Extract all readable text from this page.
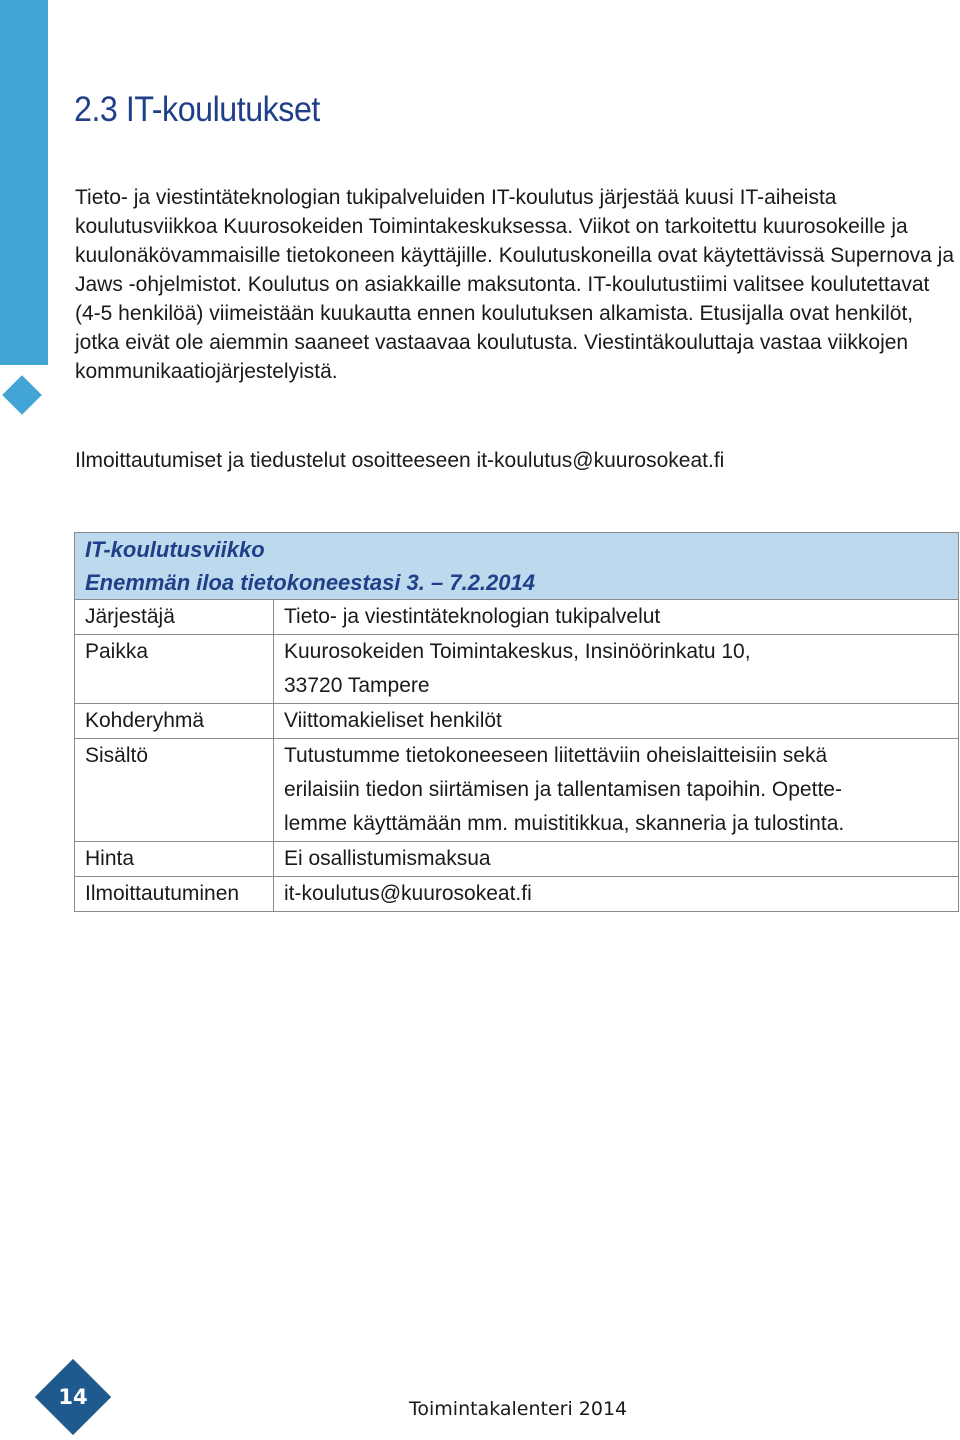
2.3 IT-koulutukset

Tieto- ja viestintäteknologian tukipalveluiden IT-koulutus järjestää kuusi IT-aiheista koulutusviikkoa Kuurosokeiden Toimintakeskuksessa. Viikot on tarkoitettu kuurosokeille ja kuulonäkövammaisille tietokoneen käyttäjille. Koulutuskoneilla ovat käytettävissä Supernova ja Jaws -ohjelmistot. Koulutus on asiakkaille maksutonta. IT-koulutustiimi valitsee koulutettavat (4-5 henkilöä) viimeistään kuukautta ennen koulutuksen alkamista. Etusijalla ovat henkilöt, jotka eivät ole aiemmin saaneet vastaavaa koulutusta. Viestintäkouluttaja vastaa viikkojen kommunikaatiojärjestelyistä.

Ilmoittautumiset ja tiedustelut osoitteeseen it-koulutus@kuurosokeat.fi

IT-koulutusviikko
Enemmän iloa tietokoneestasi 3. – 7.2.2014	

Järjestäjä	Tieto- ja viestintäteknologian tukipalvelut
Paikka	Kuurosokeiden Toimintakeskus, Insinöörinkatu 10,
33720 Tampere

Kohderyhmä	Viittomakieliset henkilöt
Sisältö	Tutustumme tietokoneeseen liitettäviin oheislaitteisiin sekä
erilaisiin tiedon siirtämisen ja tallentamisen tapoihin. Opette-
lemme käyttämään mm. muistitikkua, skanneria ja tulostinta.

Hinta	Ei osallistumismaksua
Ilmoittautuminen	it-koulutus@kuurosokeat.fi
14	Toimintakalenteri 2014
